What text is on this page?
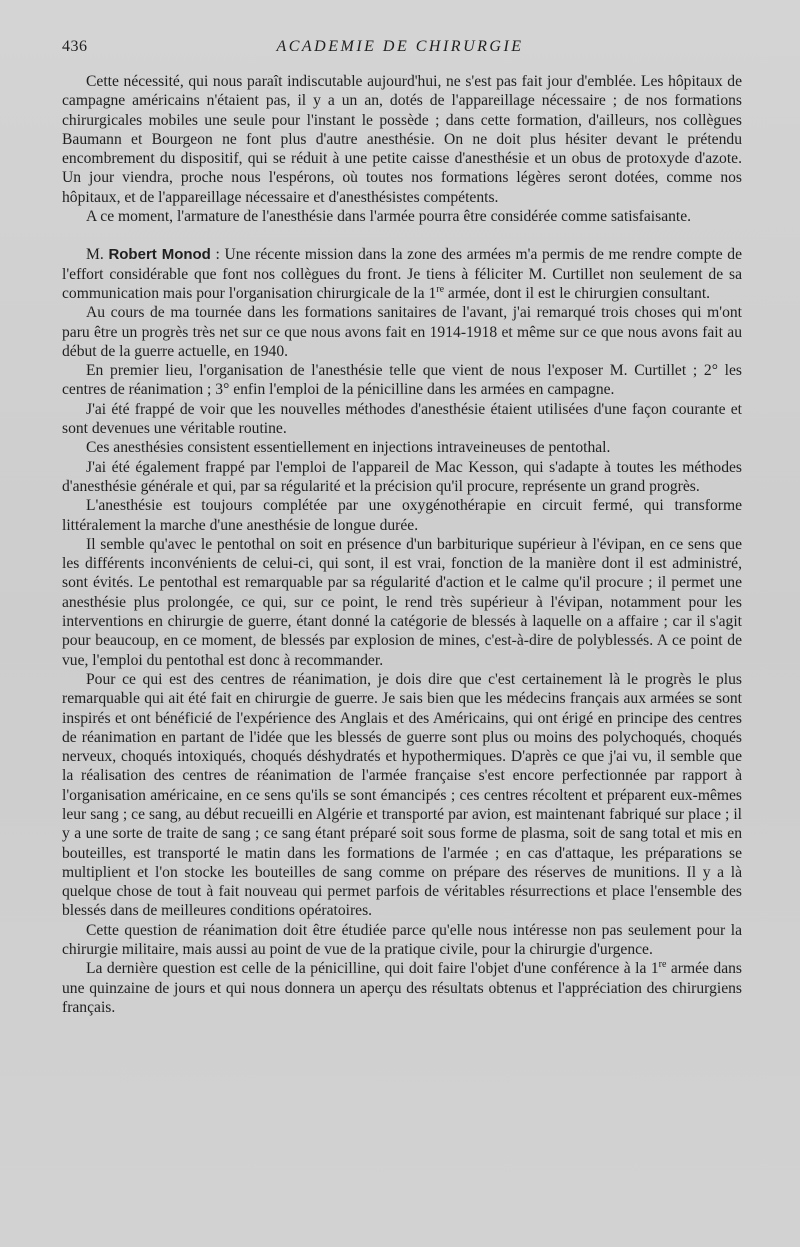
436	ACADEMIE DE CHIRURGIE

Cette nécessité, qui nous paraît indiscutable aujourd'hui, ne s'est pas fait jour d'emblée. Les hôpitaux de campagne américains n'étaient pas, il y a un an, dotés de l'appareillage nécessaire ; de nos formations chirurgicales mobiles une seule pour l'instant le possède ; dans cette formation, d'ailleurs, nos collègues Baumann et Bourgeon ne font plus d'autre anesthésie. On ne doit plus hésiter devant le prétendu encombrement du dispositif, qui se réduit à une petite caisse d'anesthésie et un obus de protoxyde d'azote. Un jour viendra, proche nous l'espérons, où toutes nos formations légères seront dotées, comme nos hôpitaux, et de l'appareillage nécessaire et d'anesthésistes compétents.

A ce moment, l'armature de l'anesthésie dans l'armée pourra être considérée comme satisfaisante.

M. Robert Monod : Une récente mission dans la zone des armées m'a permis de me rendre compte de l'effort considérable que font nos collègues du front. Je tiens à féliciter M. Curtillet non seulement de sa communication mais pour l'organisation chirurgicale de la 1re armée, dont il est le chirurgien consultant.

Au cours de ma tournée dans les formations sanitaires de l'avant, j'ai remarqué trois choses qui m'ont paru être un progrès très net sur ce que nous avons fait en 1914-1918 et même sur ce que nous avons fait au début de la guerre actuelle, en 1940.

En premier lieu, l'organisation de l'anesthésie telle que vient de nous l'exposer M. Curtillet ; 2° les centres de réanimation ; 3° enfin l'emploi de la pénicilline dans les armées en campagne.

J'ai été frappé de voir que les nouvelles méthodes d'anesthésie étaient utilisées d'une façon courante et sont devenues une véritable routine.

Ces anesthésies consistent essentiellement en injections intraveineuses de pentothal.

J'ai été également frappé par l'emploi de l'appareil de Mac Kesson, qui s'adapte à toutes les méthodes d'anesthésie générale et qui, par sa régularité et la précision qu'il procure, représente un grand progrès.

L'anesthésie est toujours complétée par une oxygénothérapie en circuit fermé, qui transforme littéralement la marche d'une anesthésie de longue durée.

Il semble qu'avec le pentothal on soit en présence d'un barbiturique supérieur à l'évipan, en ce sens que les différents inconvénients de celui-ci, qui sont, il est vrai, fonction de la manière dont il est administré, sont évités. Le pentothal est remarquable par sa régularité d'action et le calme qu'il procure ; il permet une anesthésie plus prolongée, ce qui, sur ce point, le rend très supérieur à l'évipan, notamment pour les interventions en chirurgie de guerre, étant donné la catégorie de blessés à laquelle on a affaire ; car il s'agit pour beaucoup, en ce moment, de blessés par explosion de mines, c'est-à-dire de polyblessés. A ce point de vue, l'emploi du pentothal est donc à recommander.

Pour ce qui est des centres de réanimation, je dois dire que c'est certainement là le progrès le plus remarquable qui ait été fait en chirurgie de guerre. Je sais bien que les médecins français aux armées se sont inspirés et ont bénéficié de l'expérience des Anglais et des Américains, qui ont érigé en principe des centres de réanimation en partant de l'idée que les blessés de guerre sont plus ou moins des polychoqués, choqués nerveux, choqués intoxiqués, choqués déshydratés et hypothermiques. D'après ce que j'ai vu, il semble que la réalisation des centres de réanimation de l'armée française s'est encore perfectionnée par rapport à l'organisation américaine, en ce sens qu'ils se sont émancipés ; ces centres récoltent et préparent eux-mêmes leur sang ; ce sang, au début recueilli en Algérie et transporté par avion, est maintenant fabriqué sur place ; il y a une sorte de traite de sang ; ce sang étant préparé soit sous forme de plasma, soit de sang total et mis en bouteilles, est transporté le matin dans les formations de l'armée ; en cas d'attaque, les préparations se multiplient et l'on stocke les bouteilles de sang comme on prépare des réserves de munitions. Il y a là quelque chose de tout à fait nouveau qui permet parfois de véritables résurrections et place l'ensemble des blessés dans de meilleures conditions opératoires.

Cette question de réanimation doit être étudiée parce qu'elle nous intéresse non pas seulement pour la chirurgie militaire, mais aussi au point de vue de la pratique civile, pour la chirurgie d'urgence.

La dernière question est celle de la pénicilline, qui doit faire l'objet d'une conférence à la 1re armée dans une quinzaine de jours et qui nous donnera un aperçu des résultats obtenus et l'appréciation des chirurgiens français.
